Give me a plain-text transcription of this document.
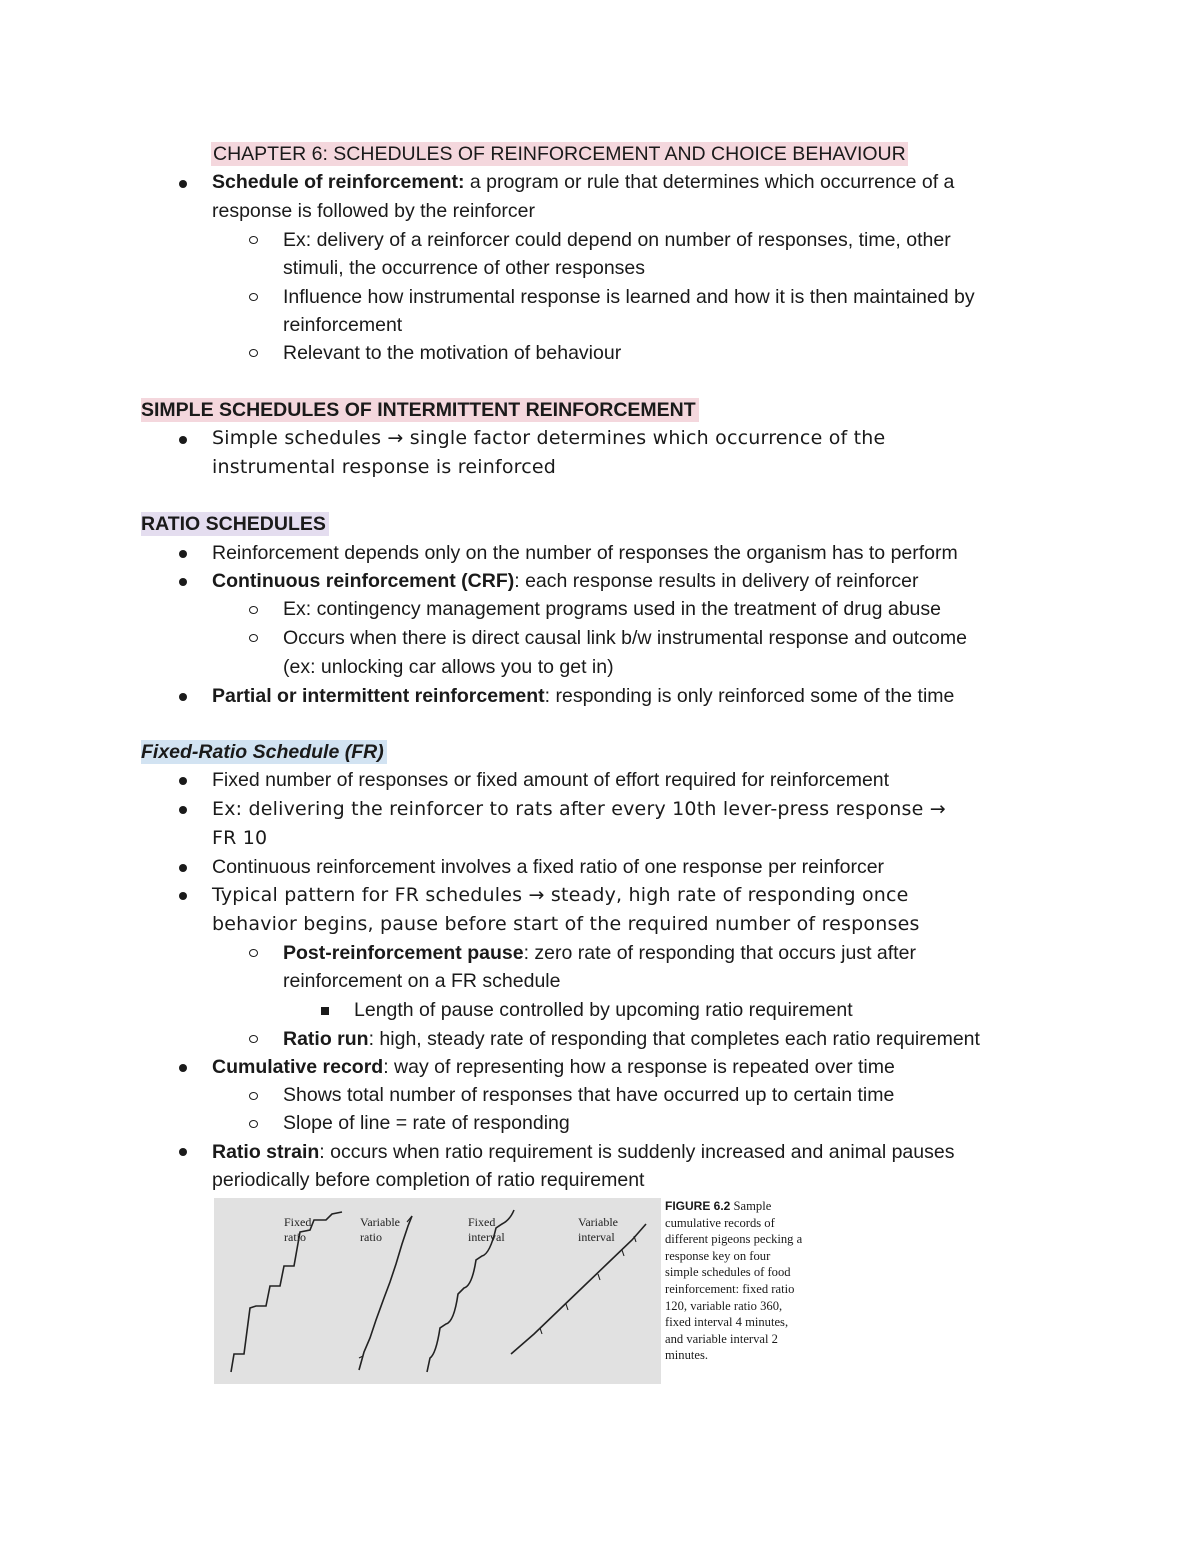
CHAPTER 6: SCHEDULES OF REINFORCEMENT AND CHOICE BEHAVIOUR
Schedule of reinforcement: a program or rule that determines which occurrence of a
response is followed by the reinforcer
Ex: delivery of a reinforcer could depend on number of responses, time, other
stimuli, the occurrence of other responses
Influence how instrumental response is learned and how it is then maintained by
reinforcement
Relevant to the motivation of behaviour
SIMPLE SCHEDULES OF INTERMITTENT REINFORCEMENT
Simple schedules → single factor determines which occurrence of the
instrumental response is reinforced
RATIO SCHEDULES
Reinforcement depends only on the number of responses the organism has to perform
Continuous reinforcement (CRF): each response results in delivery of reinforcer
Ex: contingency management programs used in the treatment of drug abuse
Occurs when there is direct causal link b/w instrumental response and outcome
(ex: unlocking car allows you to get in)
Partial or intermittent reinforcement: responding is only reinforced some of the time
Fixed-Ratio Schedule (FR)
Fixed number of responses or fixed amount of effort required for reinforcement
Ex: delivering the reinforcer to rats after every 10th lever-press response →
FR 10
Continuous reinforcement involves a fixed ratio of one response per reinforcer
Typical pattern for FR schedules → steady, high rate of responding once
behavior begins, pause before start of the required number of responses
Post-reinforcement pause: zero rate of responding that occurs just after
reinforcement on a FR schedule
Length of pause controlled by upcoming ratio requirement
Ratio run: high, steady rate of responding that completes each ratio requirement
Cumulative record: way of representing how a response is repeated over time
Shows total number of responses that have occurred up to certain time
Slope of line = rate of responding
Ratio strain: occurs when ratio requirement is suddenly increased and animal pauses
periodically before completion of ratio requirement
Fixed
ratio
Variable
ratio
Fixed
interval
Variable
interval
FIGURE 6.2 Sample cumulative records of different pigeons pecking a response key on four simple schedules of food reinforcement: fixed ratio 120, variable ratio 360, fixed interval 4 minutes, and variable interval 2 minutes.
